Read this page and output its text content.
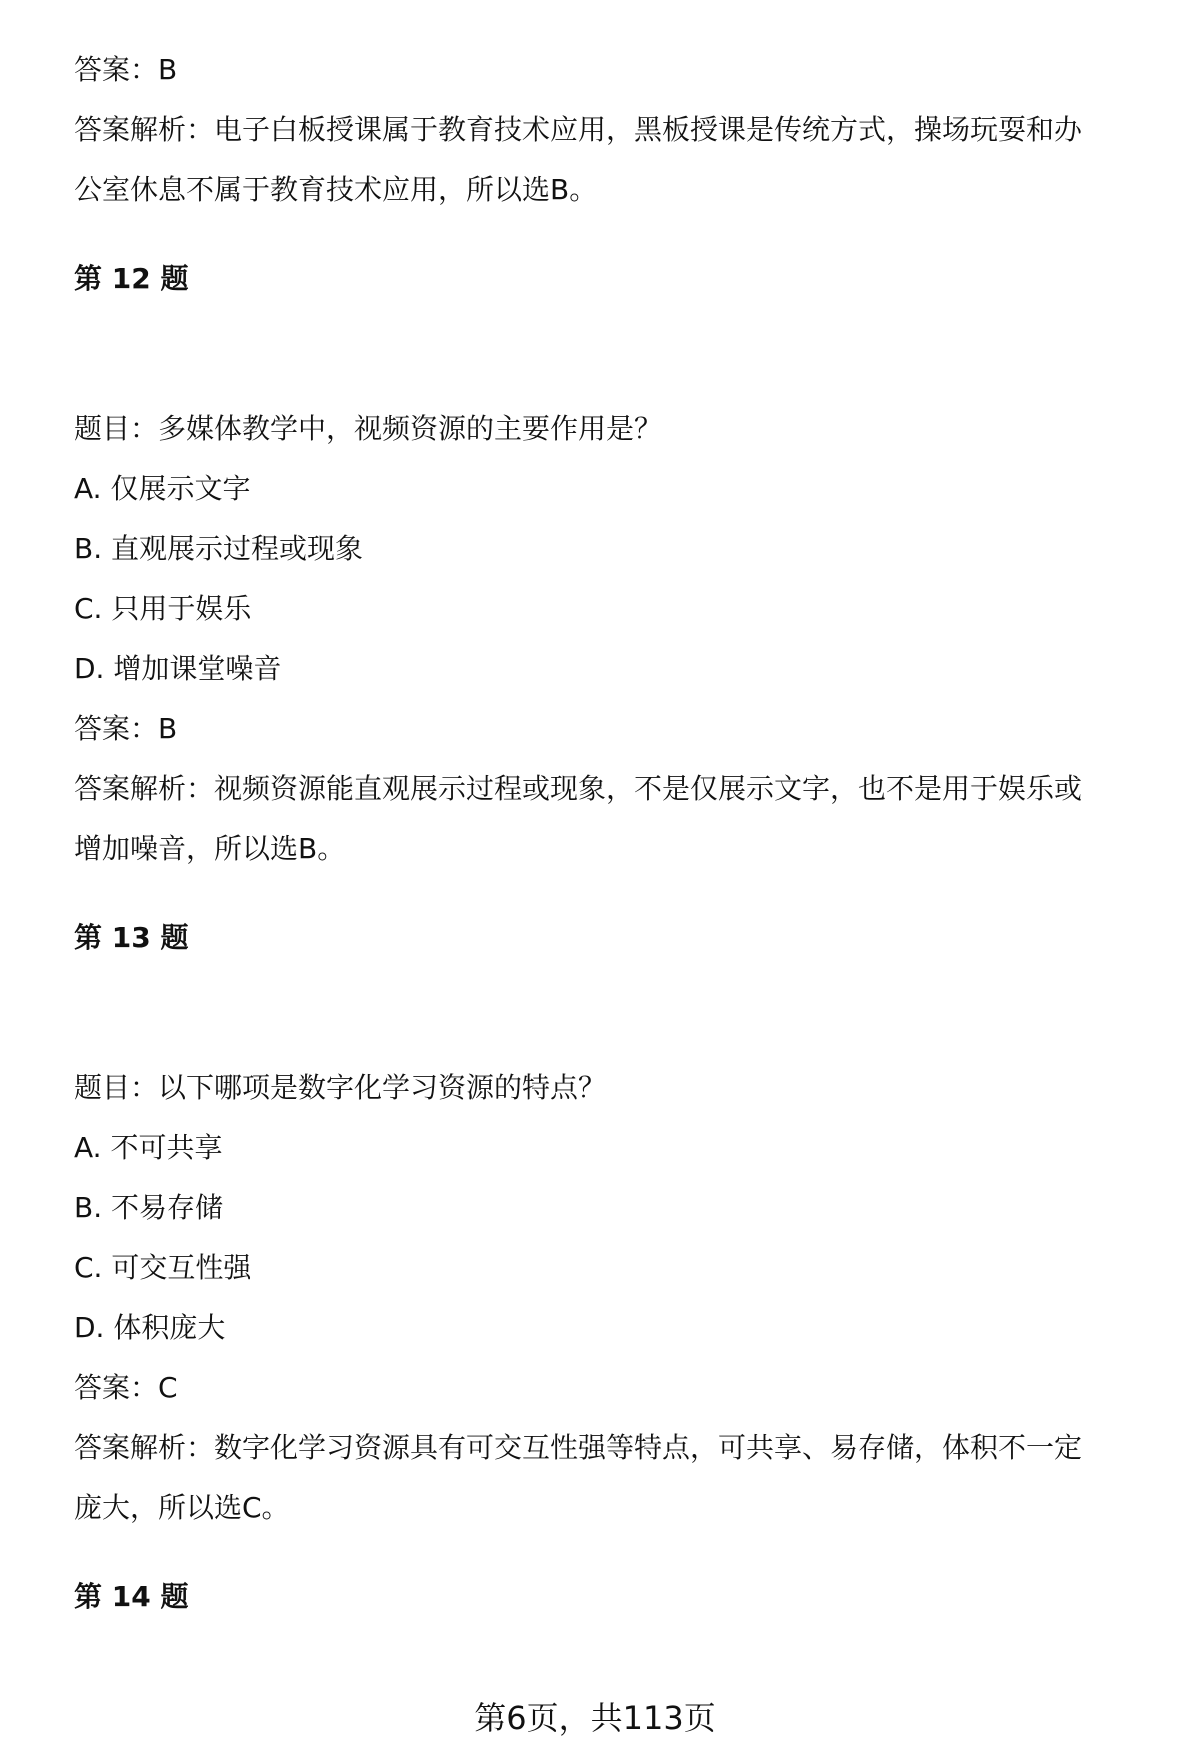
答案：B
答案解析：电子白板授课属于教育技术应用，黑板授课是传统方式，操场玩耍和办
公室休息不属于教育技术应用，所以选B。
第 12 题
题目：多媒体教学中，视频资源的主要作用是？
A. 仅展示文字
B. 直观展示过程或现象
C. 只用于娱乐
D. 增加课堂噪音
答案：B
答案解析：视频资源能直观展示过程或现象，不是仅展示文字，也不是用于娱乐或
增加噪音，所以选B。
第 13 题
题目：以下哪项是数字化学习资源的特点？
A. 不可共享
B. 不易存储
C. 可交互性强
D. 体积庞大
答案：C
答案解析：数字化学习资源具有可交互性强等特点，可共享、易存储，体积不一定
庞大，所以选C。
第 14 题
第6页，共113页
